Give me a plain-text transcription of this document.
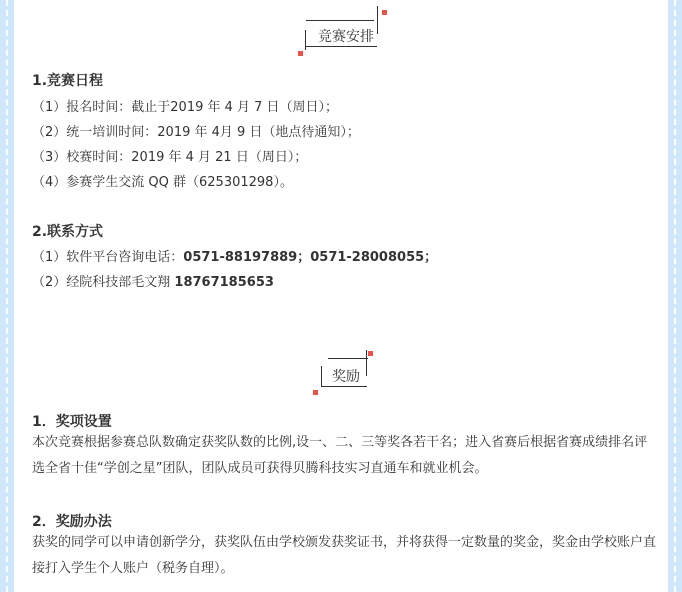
竞赛安排
1.竞赛日程
（1）报名时间：截止于2019 年 4 月 7 日（周日）；
（2）统一培训时间：2019 年 4月 9 日（地点待通知）；
（3）校赛时间：2019 年 4 月 21 日（周日）；
（4）参赛学生交流 QQ 群（625301298）。
2.联系方式
（1）软件平台咨询电话：0571-88197889；0571-28008055；
（2）经院科技部毛文翔 18767185653
奖励
1．奖项设置
本次竞赛根据参赛总队数确定获奖队数的比例,设一、二、三等奖各若干名；进入省赛后根据省赛成绩排名评选全省十佳“学创之星”团队，团队成员可获得贝腾科技实习直通车和就业机会。
2．奖励办法
获奖的同学可以申请创新学分，获奖队伍由学校颁发获奖证书，并将获得一定数量的奖金，奖金由学校账户直接打入学生个人账户（税务自理）。
